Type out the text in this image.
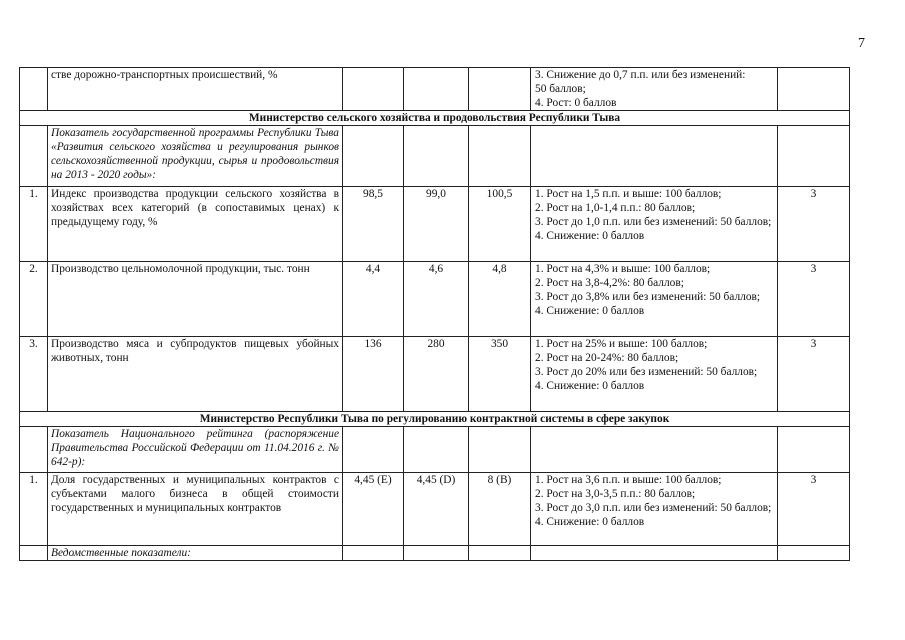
7
	стве дорожно-транспортных происшествий, %				3. Снижение до 0,7 п.п. или без изменений:
50 баллов;
4. Рост: 0 баллов	

Министерство сельского хозяйства и продовольствия Республики Тыва						
	Показатель государственной программы Республики Тыва «Развития сельского хозяйства и регулирования рынков сельскохозяйственной продукции, сырья и продовольствия на 2013 - 2020 годы»:					
1.	Индекс производства продукции сельского хозяйства в хозяйствах всех категорий (в сопоставимых ценах) к предыдущему году, %	98,5	99,0	100,5	1. Рост на 1,5 п.п. и выше: 100 баллов;
2. Рост на 1,0-1,4 п.п.: 80 баллов;
3. Рост до 1,0 п.п. или без изменений: 50 баллов;
4. Снижение: 0 баллов	3
2.	Производство цельномолочной продукции, тыс. тонн	4,4	4,6	4,8	1. Рост на 4,3% и выше: 100 баллов;
2. Рост на 3,8-4,2%: 80 баллов;
3. Рост до 3,8% или без изменений: 50 баллов;
4. Снижение: 0 баллов	3
3.	Производство мяса и субпродуктов пищевых убойных животных, тонн	136	280	350	1. Рост на 25% и выше: 100 баллов;
2. Рост на 20-24%: 80 баллов;
3. Рост до 20% или без изменений: 50 баллов;
4. Снижение: 0 баллов	3
Министерство Республики Тыва по регулированию контрактной системы в сфере закупок						
	Показатель Национального рейтинга (распоряжение Правительства Российской Федерации от 11.04.2016 г. № 642-р):					
1.	Доля государственных и муниципальных контрактов с субъектами малого бизнеса в общей стоимости государственных и муниципальных контрактов	4,45 (E)	4,45 (D)	8 (B)	1. Рост на 3,6 п.п. и выше: 100 баллов;
2. Рост на 3,0-3,5 п.п.: 80 баллов;
3. Рост до 3,0 п.п. или без изменений: 50 баллов;
4. Снижение: 0 баллов	3
	Ведомственные показатели:					
